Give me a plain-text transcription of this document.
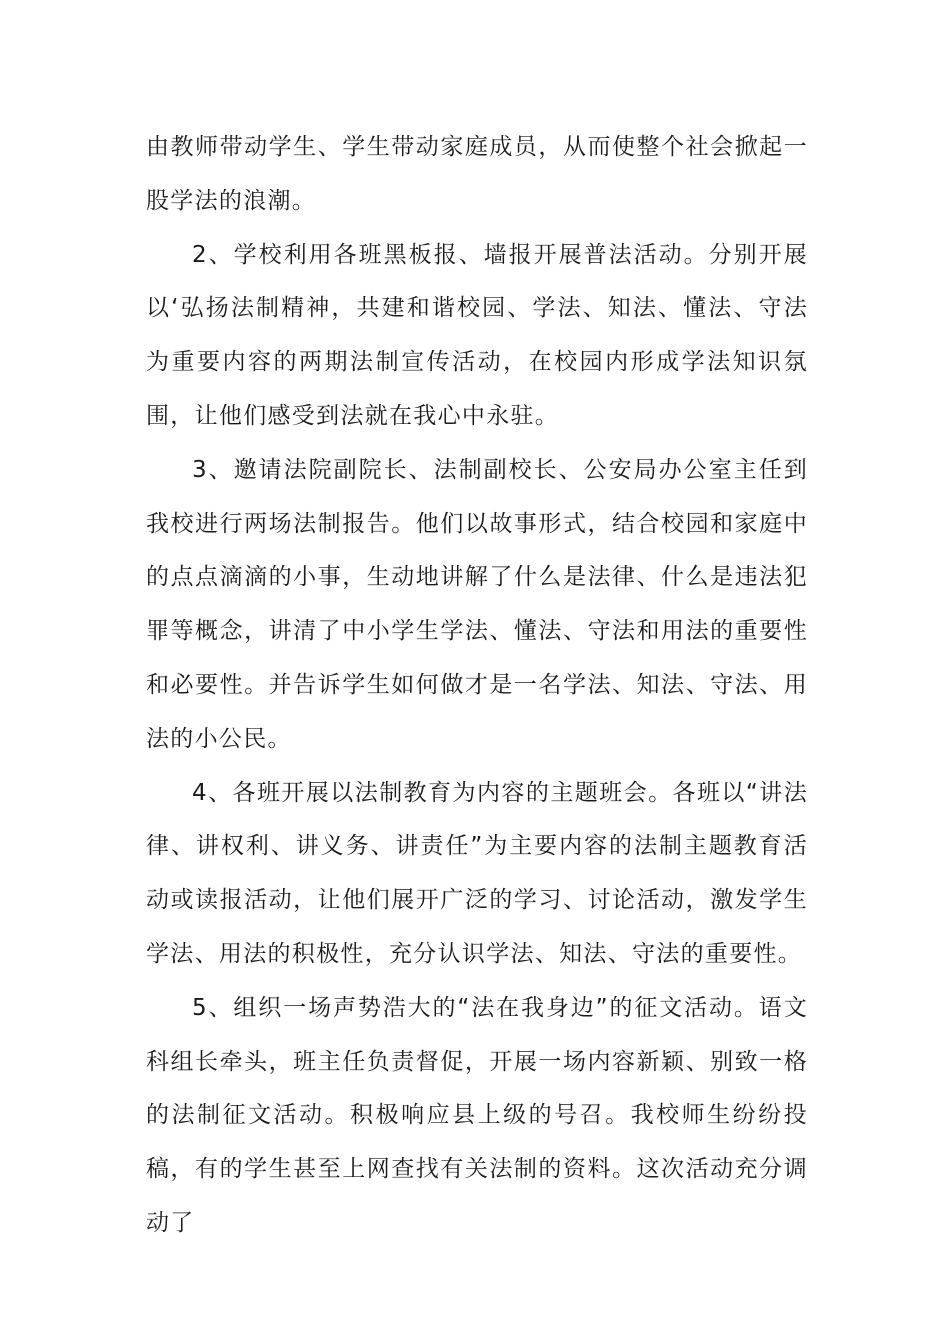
由教师带动学生、学生带动家庭成员，从而使整个社会掀起一股学法的浪潮。

2、学校利用各班黑板报、墙报开展普法活动。分别开展以‘弘扬法制精神，共建和谐校园、学法、知法、懂法、守法为重要内容的两期法制宣传活动，在校园内形成学法知识氛围，让他们感受到法就在我心中永驻。

3、邀请法院副院长、法制副校长、公安局办公室主任到我校进行两场法制报告。他们以故事形式，结合校园和家庭中的点点滴滴的小事，生动地讲解了什么是法律、什么是违法犯罪等概念，讲清了中小学生学法、懂法、守法和用法的重要性和必要性。并告诉学生如何做才是一名学法、知法、守法、用法的小公民。

4、各班开展以法制教育为内容的主题班会。各班以“讲法律、讲权利、讲义务、讲责任”为主要内容的法制主题教育活动或读报活动，让他们展开广泛的学习、讨论活动，激发学生学法、用法的积极性，充分认识学法、知法、守法的重要性。

5、组织一场声势浩大的“法在我身边”的征文活动。语文科组长牵头，班主任负责督促，开展一场内容新颖、别致一格的法制征文活动。积极响应县上级的号召。我校师生纷纷投稿，有的学生甚至上网查找有关法制的资料。这次活动充分调动了
